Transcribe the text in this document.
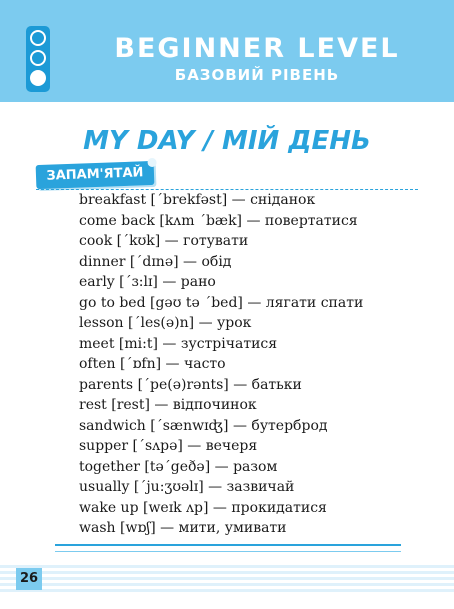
BEGINNER LEVEL
БАЗОВИЙ РІВЕНЬ
MY DAY / МІЙ ДЕНЬ
ЗАПАМ'ЯТАЙ
breakfast [ˊbrekfəst] — сніданок
come back [kʌm ˊbæk] — повертатися
cook [ˊkʊk] — готувати
dinner [ˊdɪnə] — обід
early [ˊɜ:lɪ] — рано
go to bed [gəʊ tə ˊbed] — лягати спати
lesson [ˊles(ə)n] — урок
meet [mi:t] — зустрічатися
often [ˊɒfn] — часто
parents [ˊpe(ə)rənts] — батьки
rest [rest] — відпочинок
sandwich [ˊsænwɪʤ] — бутерброд
supper [ˊsʌpə] — вечеря
together [təˊgeðə] — разом
usually [ˊju:ʒʊəlɪ] — зазвичай
wake up [weɪk ʌp] — прокидатися
wash [wɒʃ] — мити, умивати
26
